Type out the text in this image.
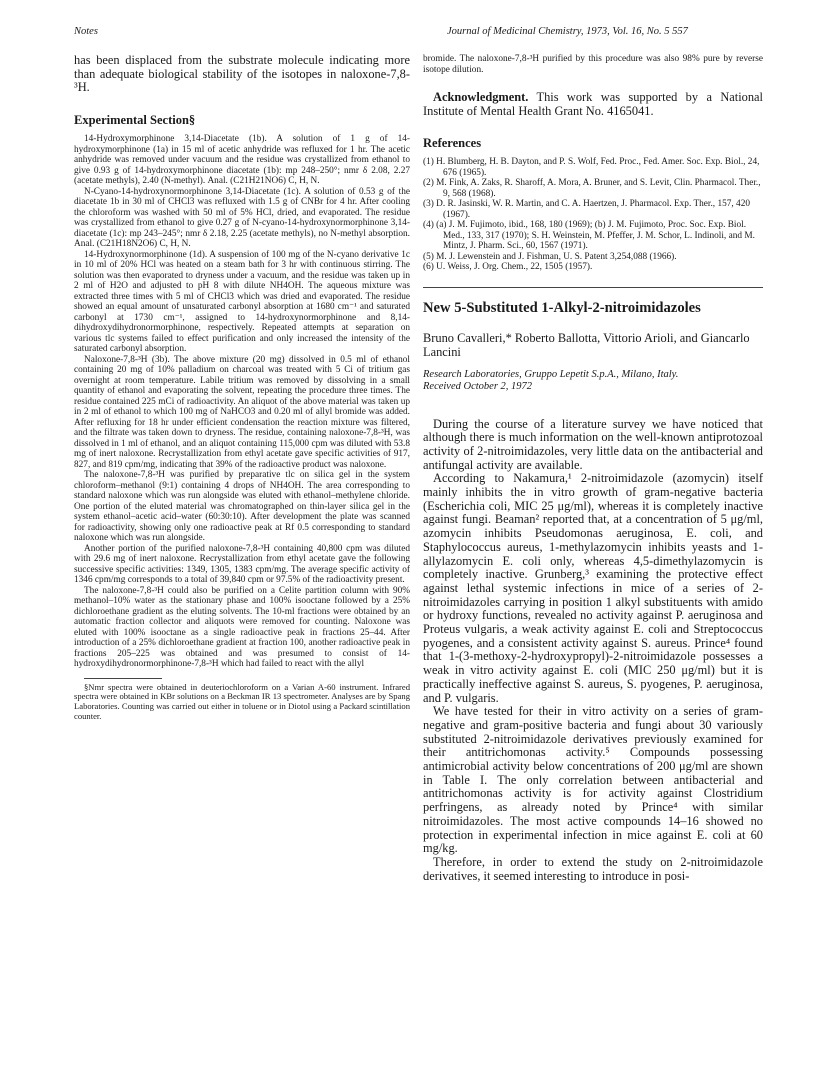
Notes	Journal of Medicinal Chemistry, 1973, Vol. 16, No. 5 557

has been displaced from the substrate molecule indicating more than adequate biological stability of the isotopes in naloxone-7,8-³H.

Experimental Section§

14-Hydroxymorphinone 3,14-Diacetate (1b). A solution of 1 g of 14-hydroxymorphinone (1a) in 15 ml of acetic anhydride was refluxed for 1 hr. The acetic anhydride was removed under vacuum and the residue was crystallized from ethanol to give 0.93 g of 14-hydroxymorphinone diacetate (1b): mp 248–250°; nmr δ 2.08, 2.27 (acetate methyls), 2.40 (N-methyl). Anal. (C21H21NO6) C, H, N.

N-Cyano-14-hydroxynormorphinone 3,14-Diacetate (1c). A solution of 0.53 g of the diacetate 1b in 30 ml of CHCl3 was refluxed with 1.5 g of CNBr for 4 hr. After cooling the chloroform was washed with 50 ml of 5% HCl, dried, and evaporated. The residue was crystallized from ethanol to give 0.27 g of N-cyano-14-hydroxynormorphinone 3,14-diacetate (1c): mp 243–245°; nmr δ 2.18, 2.25 (acetate methyls), no N-methyl absorption. Anal. (C21H18N2O6) C, H, N.

14-Hydroxynormorphinone (1d). A suspension of 100 mg of the N-cyano derivative 1c in 10 ml of 20% HCl was heated on a steam bath for 3 hr with continuous stirring. The solution was then evaporated to dryness under a vacuum, and the residue was taken up in 2 ml of H2O and adjusted to pH 8 with dilute NH4OH. The aqueous mixture was extracted three times with 5 ml of CHCl3 which was dried and evaporated. The residue showed an equal amount of unsaturated carbonyl absorption at 1680 cm⁻¹ and saturated carbonyl at 1730 cm⁻¹, assigned to 14-hydroxynormorphinone and 8,14-dihydroxydihydronormorphinone, respectively. Repeated attempts at separation on various tlc systems failed to effect purification and only increased the intensity of the saturated carbonyl absorption.

Naloxone-7,8-³H (3b). The above mixture (20 mg) dissolved in 0.5 ml of ethanol containing 20 mg of 10% palladium on charcoal was treated with 5 Ci of tritium gas overnight at room temperature. Labile tritium was removed by dissolving in a small quantity of ethanol and evaporating the solvent, repeating the procedure three times. The residue contained 225 mCi of radioactivity. An aliquot of the above material was taken up in 2 ml of ethanol to which 100 mg of NaHCO3 and 0.20 ml of allyl bromide was added. After refluxing for 18 hr under efficient condensation the reaction mixture was filtered, and the filtrate was taken down to dryness. The residue, containing naloxone-7,8-³H, was dissolved in 1 ml of ethanol, and an aliquot containing 115,000 cpm was diluted with 53.8 mg of inert naloxone. Recrystallization from ethyl acetate gave specific activities of 917, 827, and 819 cpm/mg, indicating that 39% of the radioactive product was naloxone.

The naloxone-7,8-³H was purified by preparative tlc on silica gel in the system chloroform–methanol (9:1) containing 4 drops of NH4OH. The area corresponding to standard naloxone which was run alongside was eluted with ethanol–methylene chloride. One portion of the eluted material was chromatographed on thin-layer silica gel in the system ethanol–acetic acid–water (60:30:10). After development the plate was scanned for radioactivity, showing only one radioactive peak at Rf 0.5 corresponding to standard naloxone which was run alongside.

Another portion of the purified naloxone-7,8-³H containing 40,800 cpm was diluted with 29.6 mg of inert naloxone. Recrystallization from ethyl acetate gave the following successive specific activities: 1349, 1305, 1383 cpm/mg. The average specific activity of 1346 cpm/mg corresponds to a total of 39,840 cpm or 97.5% of the radioactivity present.

The naloxone-7,8-³H could also be purified on a Celite partition column with 90% methanol–10% water as the stationary phase and 100% isooctane followed by a 25% dichloroethane gradient as the eluting solvents. The 10-ml fractions were obtained by an automatic fraction collector and aliquots were removed for counting. Naloxone was eluted with 100% isooctane as a single radioactive peak in fractions 25–44. After introduction of a 25% dichloroethane gradient at fraction 100, another radioactive peak in fractions 205–225 was obtained and was presumed to consist of 14-hydroxydihydronormorphinone-7,8-³H which had failed to react with the allyl

§Nmr spectra were obtained in deuteriochloroform on a Varian A-60 instrument. Infrared spectra were obtained in KBr solutions on a Beckman IR 13 spectrometer. Analyses are by Spang Laboratories. Counting was carried out either in toluene or in Diotol using a Packard scintillation counter.

bromide. The naloxone-7,8-³H purified by this procedure was also 98% pure by reverse isotope dilution.

Acknowledgment. This work was supported by a National Institute of Mental Health Grant No. 4165041.

References

(1) H. Blumberg, H. B. Dayton, and P. S. Wolf, Fed. Proc., Fed. Amer. Soc. Exp. Biol., 24, 676 (1965).

(2) M. Fink, A. Zaks, R. Sharoff, A. Mora, A. Bruner, and S. Levit, Clin. Pharmacol. Ther., 9, 568 (1968).

(3) D. R. Jasinski, W. R. Martin, and C. A. Haertzen, J. Pharmacol. Exp. Ther., 157, 420 (1967).

(4) (a) J. M. Fujimoto, ibid., 168, 180 (1969); (b) J. M. Fujimoto, Proc. Soc. Exp. Biol. Med., 133, 317 (1970); S. H. Weinstein, M. Pfeffer, J. M. Schor, L. Indinoli, and M. Mintz, J. Pharm. Sci., 60, 1567 (1971).

(5) M. J. Lewenstein and J. Fishman, U. S. Patent 3,254,088 (1966).

(6) U. Weiss, J. Org. Chem., 22, 1505 (1957).

New 5-Substituted 1-Alkyl-2-nitroimidazoles

Bruno Cavalleri,* Roberto Ballotta, Vittorio Arioli, and Giancarlo Lancini

Research Laboratories, Gruppo Lepetit S.p.A., Milano, Italy.

Received October 2, 1972

During the course of a literature survey we have noticed that although there is much information on the well-known antiprotozoal activity of 2-nitroimidazoles, very little data on the antibacterial and antifungal activity are available.

According to Nakamura,¹ 2-nitroimidazole (azomycin) itself mainly inhibits the in vitro growth of gram-negative bacteria (Escherichia coli, MIC 25 μg/ml), whereas it is completely inactive against fungi. Beaman² reported that, at a concentration of 5 μg/ml, azomycin inhibits Pseudomonas aeruginosa, E. coli, and Staphylococcus aureus, 1-methylazomycin inhibits yeasts and 1-allylazomycin E. coli only, whereas 4,5-dimethylazomycin is completely inactive. Grunberg,³ examining the protective effect against lethal systemic infections in mice of a series of 2-nitroimidazoles carrying in position 1 alkyl substituents with amido or hydroxy functions, revealed no activity against P. aeruginosa and Proteus vulgaris, a weak activity against E. coli and Streptococcus pyogenes, and a consistent activity against S. aureus. Prince⁴ found that 1-(3-methoxy-2-hydroxypropyl)-2-nitroimidazole possesses a weak in vitro activity against E. coli (MIC 250 μg/ml) but it is practically ineffective against S. aureus, S. pyogenes, P. aeruginosa, and P. vulgaris.

We have tested for their in vitro activity on a series of gram-negative and gram-positive bacteria and fungi about 30 variously substituted 2-nitroimidazole derivatives previously examined for their antitrichomonas activity.⁵ Compounds possessing antimicrobial activity below concentrations of 200 μg/ml are shown in Table I. The only correlation between antibacterial and antitrichomonas activity is for activity against Clostridium perfringens, as already noted by Prince⁴ with similar nitroimidazoles. The most active compounds 14–16 showed no protection in experimental infection in mice against E. coli at 60 mg/kg.

Therefore, in order to extend the study on 2-nitroimidazole derivatives, it seemed interesting to introduce in posi-
